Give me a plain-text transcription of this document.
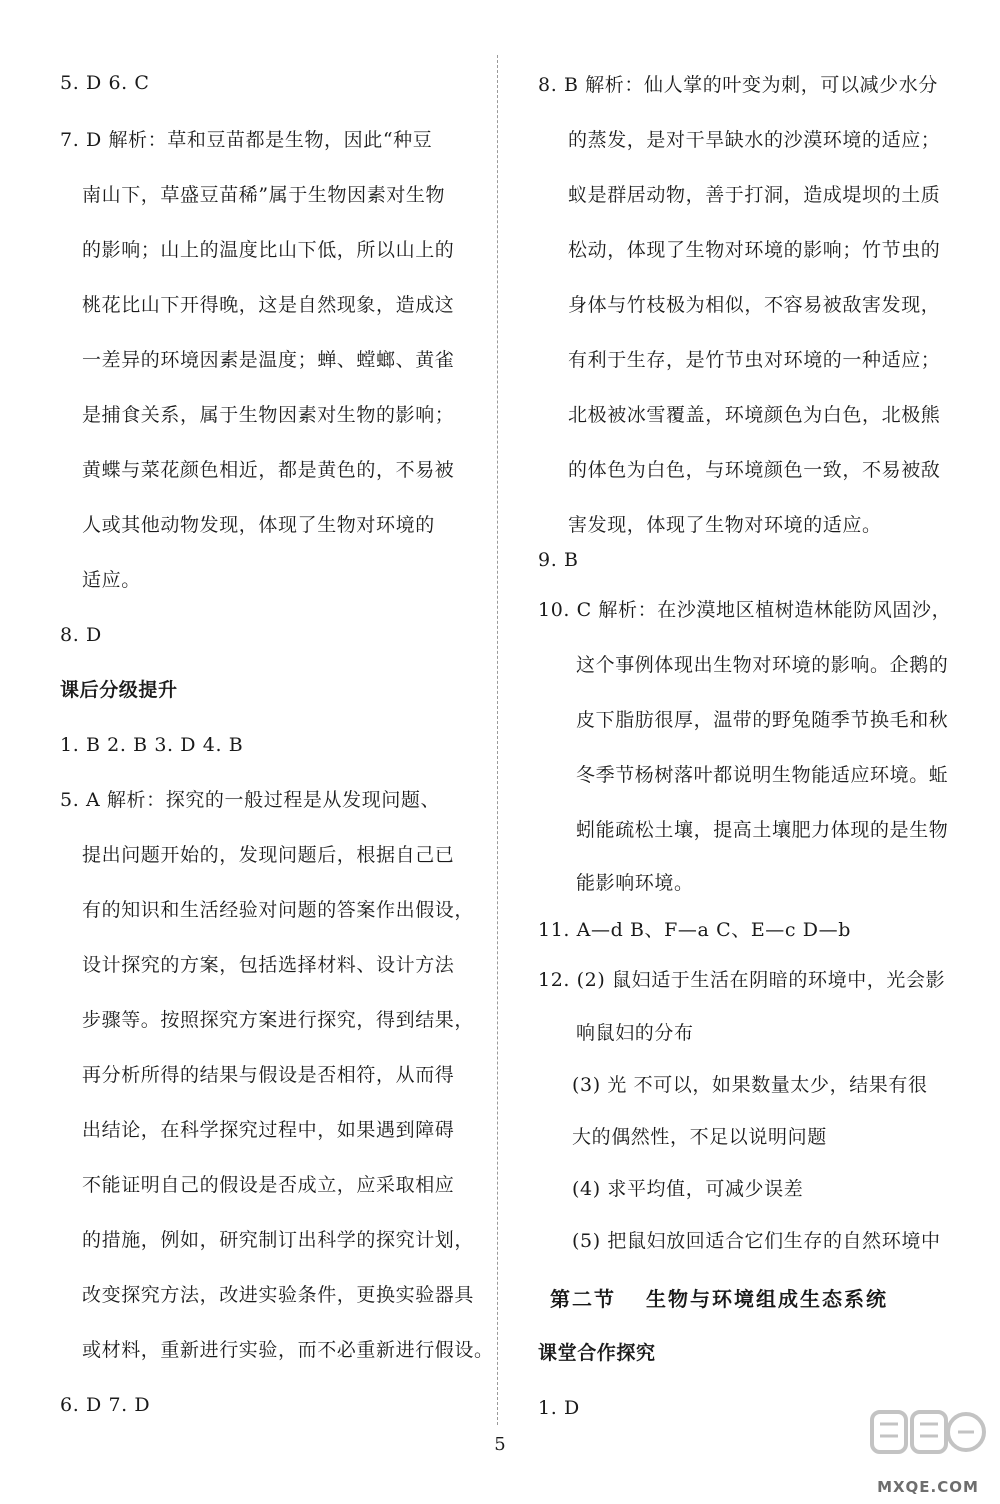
5. D 6. C
7. D 解析：草和豆苗都是生物，因此“种豆
南山下，草盛豆苗稀”属于生物因素对生物
的影响；山上的温度比山下低，所以山上的
桃花比山下开得晚，这是自然现象，造成这
一差异的环境因素是温度；蝉、螳螂、黄雀
是捕食关系，属于生物因素对生物的影响；
黄蝶与菜花颜色相近，都是黄色的，不易被
人或其他动物发现，体现了生物对环境的
适应。
8. D
课后分级提升
1. B 2. B 3. D 4. B
5. A 解析：探究的一般过程是从发现问题、
提出问题开始的，发现问题后，根据自己已
有的知识和生活经验对问题的答案作出假设，
设计探究的方案，包括选择材料、设计方法
步骤等。按照探究方案进行探究，得到结果，
再分析所得的结果与假设是否相符，从而得
出结论，在科学探究过程中，如果遇到障碍
不能证明自己的假设是否成立，应采取相应
的措施，例如，研究制订出科学的探究计划，
改变探究方法，改进实验条件，更换实验器具
或材料，重新进行实验，而不必重新进行假设。
6. D 7. D
8. B 解析：仙人掌的叶变为刺，可以减少水分
的蒸发，是对干旱缺水的沙漠环境的适应；
蚁是群居动物，善于打洞，造成堤坝的土质
松动，体现了生物对环境的影响；竹节虫的
身体与竹枝极为相似，不容易被敌害发现，
有利于生存，是竹节虫对环境的一种适应；
北极被冰雪覆盖，环境颜色为白色，北极熊
的体色为白色，与环境颜色一致，不易被敌
害发现，体现了生物对环境的适应。
9. B
10. C 解析：在沙漠地区植树造林能防风固沙，
这个事例体现出生物对环境的影响。企鹅的
皮下脂肪很厚，温带的野兔随季节换毛和秋
冬季节杨树落叶都说明生物能适应环境。蚯
蚓能疏松土壤，提高土壤肥力体现的是生物
能影响环境。
11. A—d B、F—a C、E—c D—b
12. (2) 鼠妇适于生活在阴暗的环境中，光会影
响鼠妇的分布
(3) 光 不可以，如果数量太少，结果有很
大的偶然性，不足以说明问题
(4) 求平均值，可减少误差
(5) 把鼠妇放回适合它们生存的自然环境中
第二节 生物与环境组成生态系统
课堂合作探究
1. D
5
MXQE.COM
